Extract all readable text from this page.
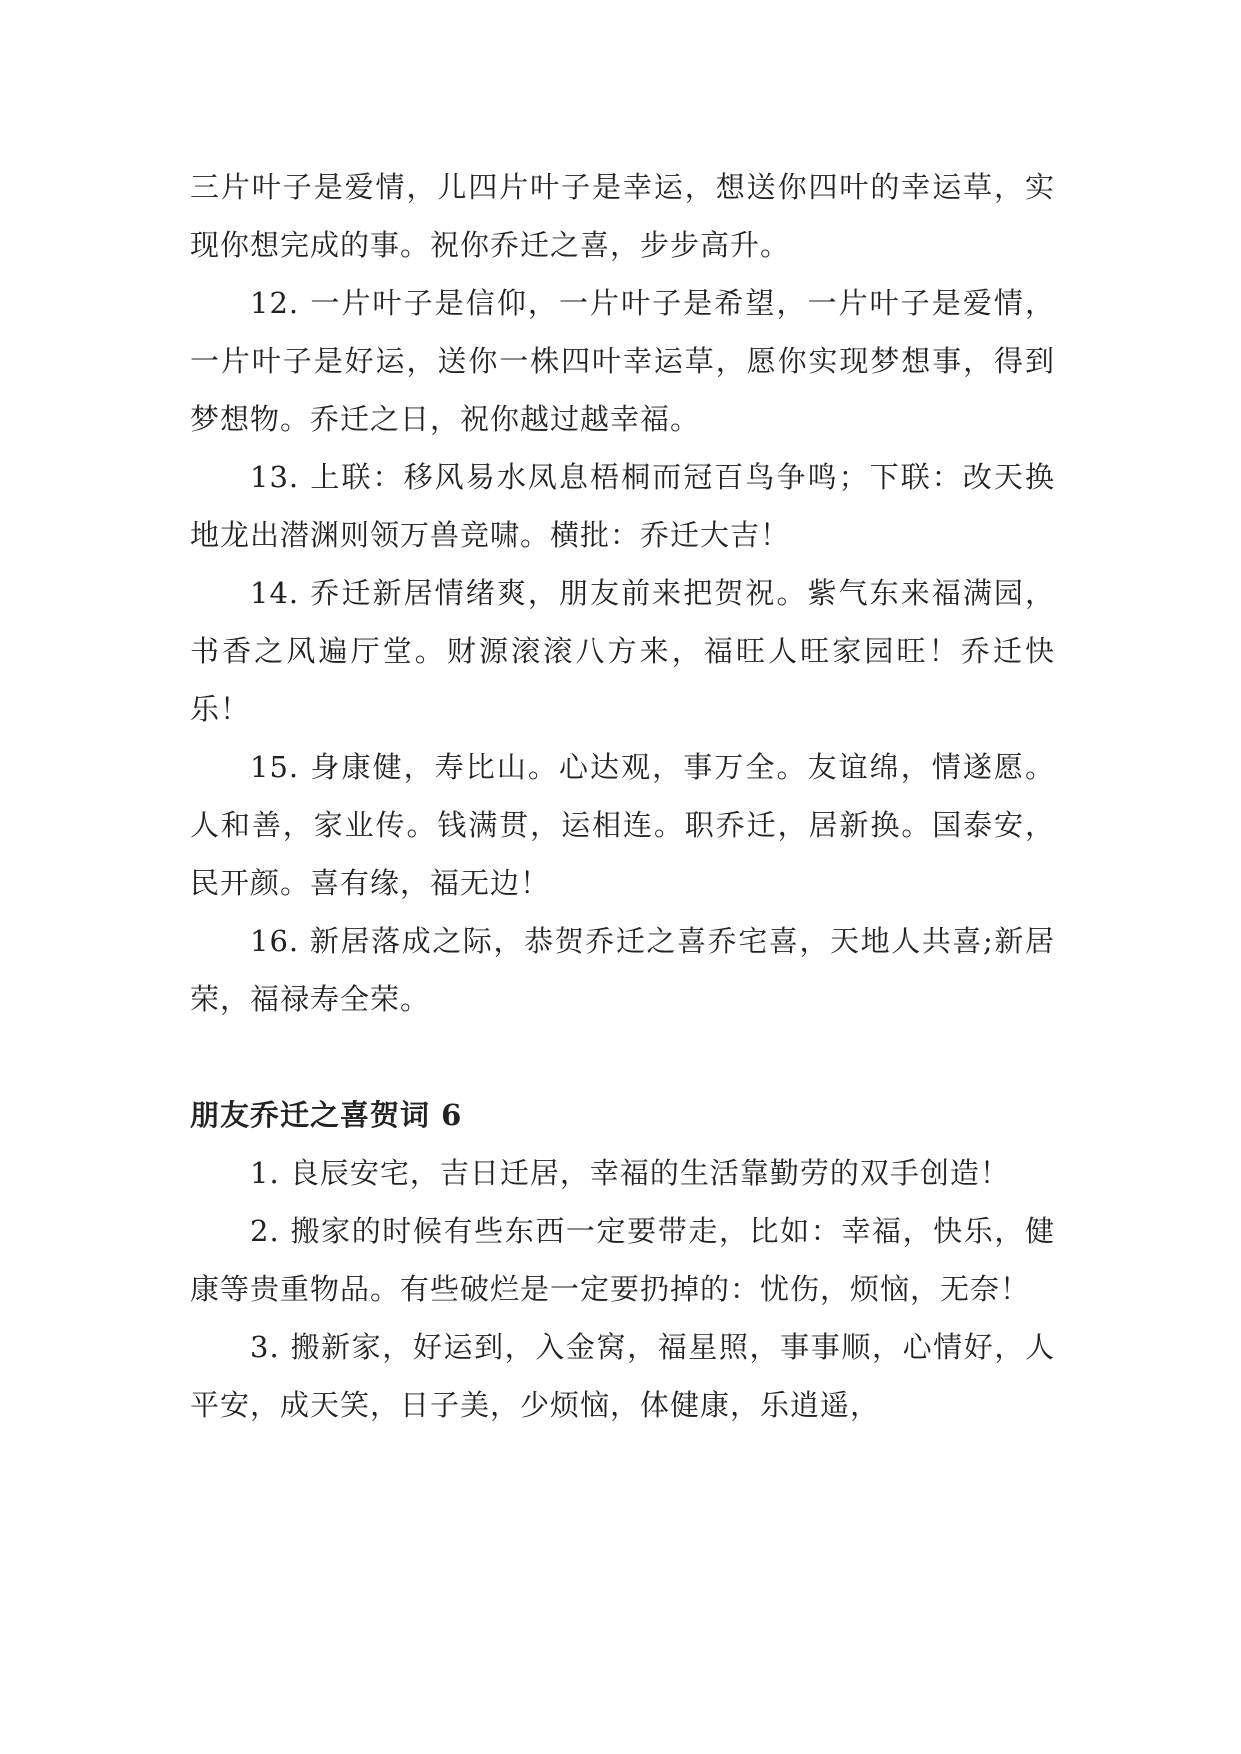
三片叶子是爱情，儿四片叶子是幸运，想送你四叶的幸运草，实现你想完成的事。祝你乔迁之喜，步步高升。

12. 一片叶子是信仰，一片叶子是希望，一片叶子是爱情，一片叶子是好运，送你一株四叶幸运草，愿你实现梦想事，得到梦想物。乔迁之日，祝你越过越幸福。

13. 上联：移风易水凤息梧桐而冠百鸟争鸣；下联：改天换地龙出潜渊则领万兽竞啸。横批：乔迁大吉！

14. 乔迁新居情绪爽，朋友前来把贺祝。紫气东来福满园，书香之风遍厅堂。财源滚滚八方来，福旺人旺家园旺！乔迁快乐！

15. 身康健，寿比山。心达观，事万全。友谊绵，情遂愿。人和善，家业传。钱满贯，运相连。职乔迁，居新换。国泰安，民开颜。喜有缘，福无边！

16. 新居落成之际，恭贺乔迁之喜乔宅喜，天地人共喜;新居荣，福禄寿全荣。

朋友乔迁之喜贺词 6

1. 良辰安宅，吉日迁居，幸福的生活靠勤劳的双手创造！

2. 搬家的时候有些东西一定要带走，比如：幸福，快乐，健康等贵重物品。有些破烂是一定要扔掉的：忧伤，烦恼，无奈！

3. 搬新家，好运到，入金窝，福星照，事事顺，心情好，人平安，成天笑，日子美，少烦恼，体健康，乐逍遥，
